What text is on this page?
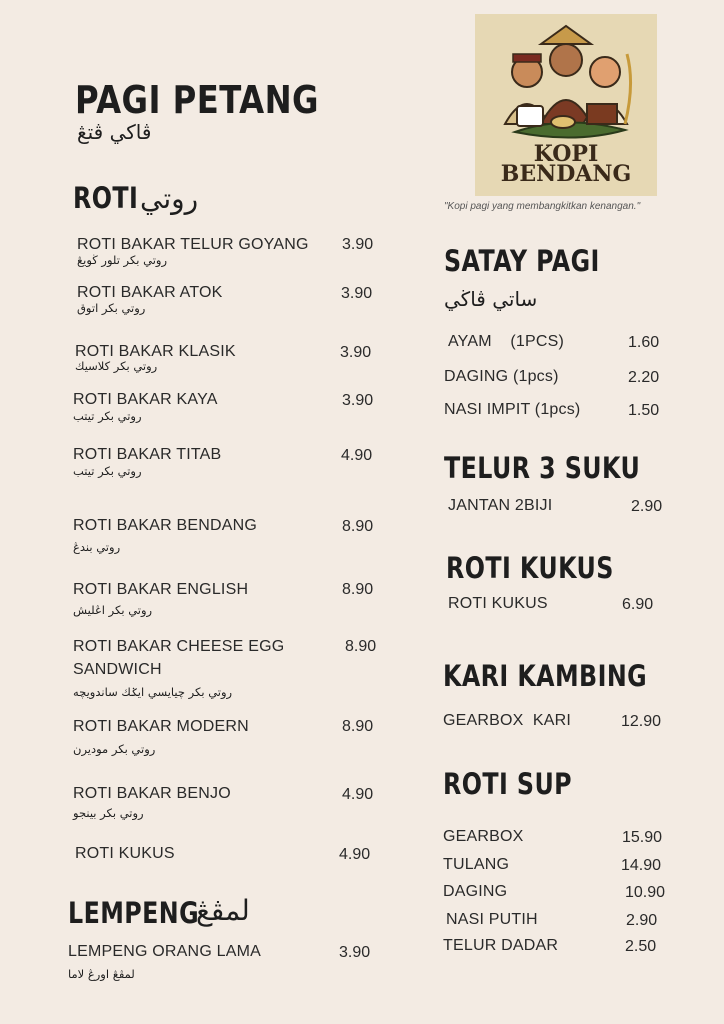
PAGI PETANG
ڤاكي ڤتڠ
KOPI
BENDANG
"Kopi pagi yang membangkitkan kenangan."
ROTI روتي
ROTI BAKAR TELUR GOYANG 3.90
روتي بكر تلور ڬويڠ
ROTI BAKAR ATOK	3.90
روتي بكر اتوق
ROTI BAKAR KLASIK	3.90
روتي بكر كلاسيك
ROTI BAKAR KAYA	3.90
روتي بكر تيتب
ROTI BAKAR TITAB	4.90
روتي بكر تيتب
ROTI BAKAR BENDANG	8.90
روتي بندڠ
ROTI BAKAR ENGLISH	8.90
روتي بكر اڠليش
ROTI BAKAR CHEESE EGG
SANDWICH
8.90
روتي بكر چيايسي ايݢك ساندويچه
ROTI BAKAR MODERN	8.90
روتي بكر موديرن
ROTI BAKAR BENJO	4.90
روتي بكر بينجو
ROTI KUKUS	4.90
LEMPENG
لمڤڠ
LEMPENG ORANG LAMA	3.90
لمڤڠ اورڠ لاما
SATAY PAGI
ساتي ڤاڬي
AYAM    (1PCS)	1.60
DAGING (1pcs)	2.20
NASI IMPIT (1pcs)	1.50
TELUR 3 SUKU
JANTAN 2BIJI	2.90
ROTI KUKUS
ROTI KUKUS	6.90
KARI KAMBING
GEARBOX  KARI	12.90
ROTI SUP
GEARBOX	15.90
TULANG	14.90
DAGING	10.90
NASI PUTIH	2.90
TELUR DADAR	2.50
